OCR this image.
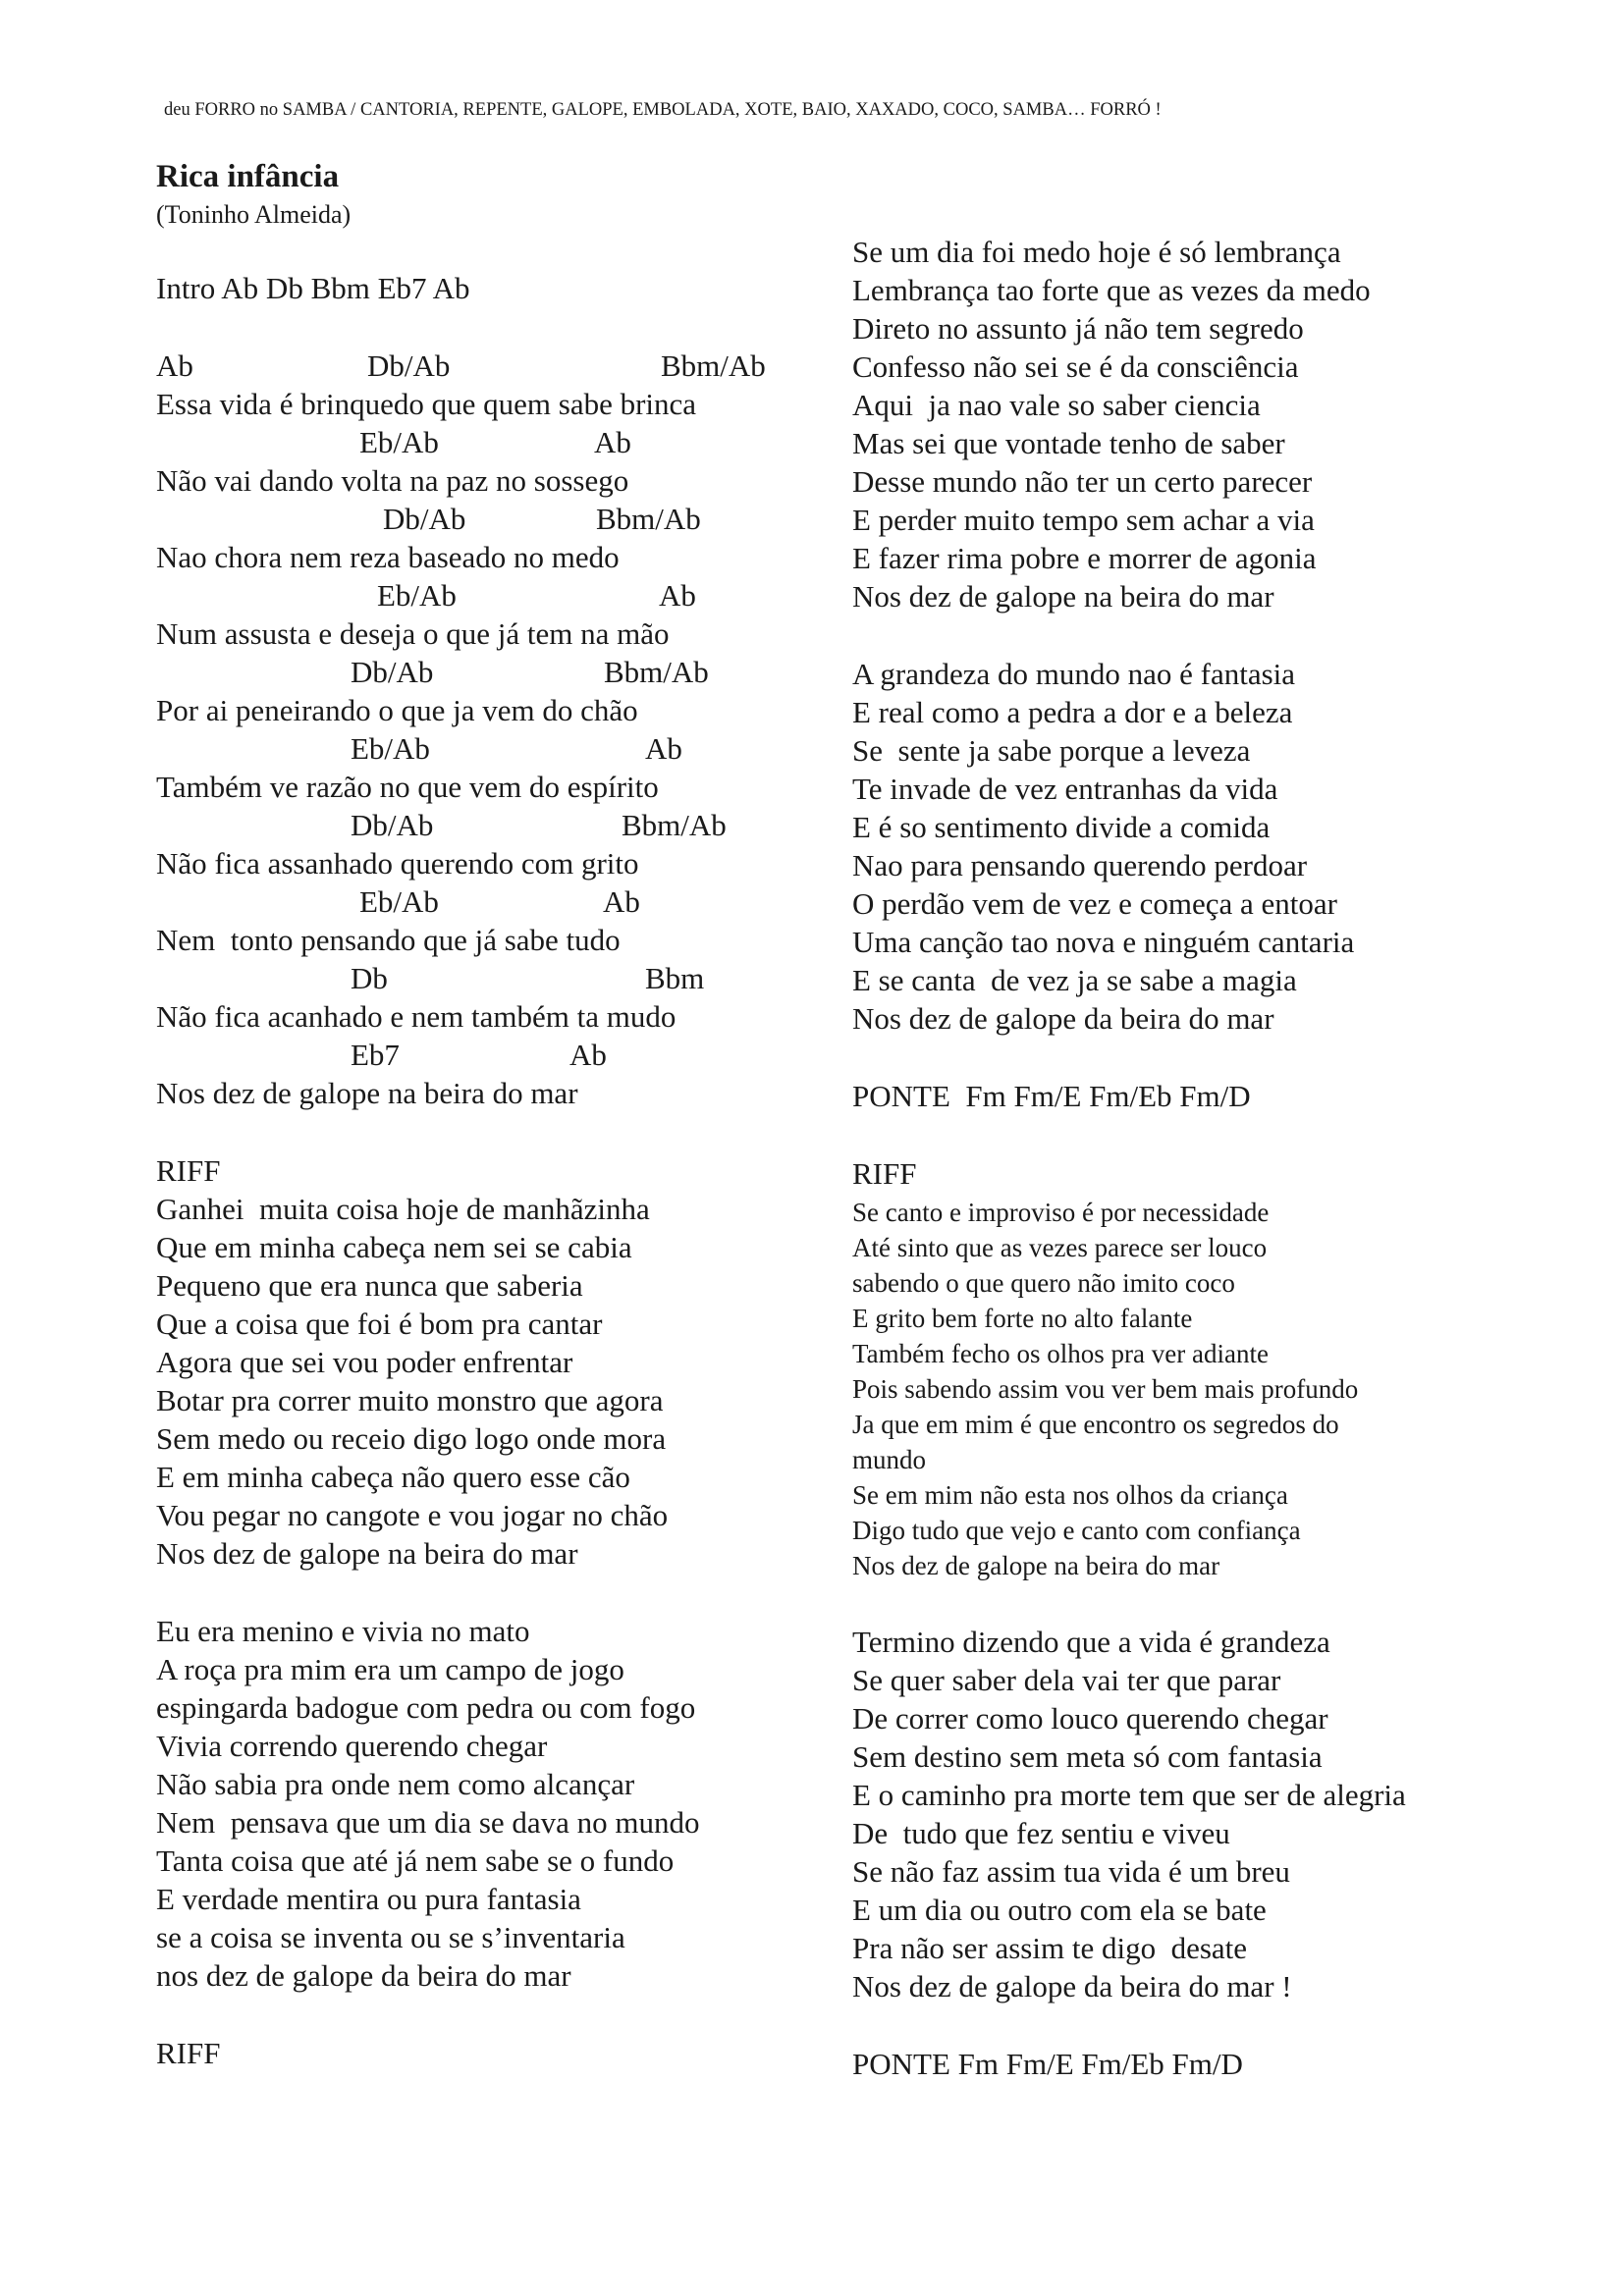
deu FORRO no SAMBA / CANTORIA, REPENTE, GALOPE, EMBOLADA, XOTE, BAIO, XAXADO, COCO, SAMBA… FORRÓ !
Rica infância
(Toninho Almeida)
Intro Ab Db Bbm Eb7 Ab
Ab	Db/Ab	Bbm/Ab
Essa vida é brinquedo que quem sabe brinca
Eb/Ab	Ab
Não vai dando volta na paz no sossego
Db/Ab	Bbm/Ab
Nao chora nem reza baseado no medo
Eb/Ab	Ab
Num assusta e deseja o que já tem na mão
Db/Ab	Bbm/Ab
Por ai peneirando o que ja vem do chão
Eb/Ab	Ab
Também ve razão no que vem do espírito
Db/Ab	Bbm/Ab
Não fica assanhado querendo com grito
Eb/Ab	Ab
Nem  tonto pensando que já sabe tudo
Db	Bbm
Não fica acanhado e nem também ta mudo
Eb7	Ab
Nos dez de galope na beira do mar
RIFF
Ganhei  muita coisa hoje de manhãzinha
Que em minha cabeça nem sei se cabia
Pequeno que era nunca que saberia
Que a coisa que foi é bom pra cantar
Agora que sei vou poder enfrentar
Botar pra correr muito monstro que agora
Sem medo ou receio digo logo onde mora
E em minha cabeça não quero esse cão
Vou pegar no cangote e vou jogar no chão
Nos dez de galope na beira do mar
Eu era menino e vivia no mato
A roça pra mim era um campo de jogo
espingarda badogue com pedra ou com fogo
Vivia correndo querendo chegar
Não sabia pra onde nem como alcançar
Nem  pensava que um dia se dava no mundo
Tanta coisa que até já nem sabe se o fundo
E verdade mentira ou pura fantasia
se a coisa se inventa ou se s’inventaria
nos dez de galope da beira do mar
RIFF
Se um dia foi medo hoje é só lembrança
Lembrança tao forte que as vezes da medo
Direto no assunto já não tem segredo
Confesso não sei se é da consciência
Aqui  ja nao vale so saber ciencia
Mas sei que vontade tenho de saber
Desse mundo não ter un certo parecer
E perder muito tempo sem achar a via
E fazer rima pobre e morrer de agonia
Nos dez de galope na beira do mar
A grandeza do mundo nao é fantasia
E real como a pedra a dor e a beleza
Se  sente ja sabe porque a leveza
Te invade de vez entranhas da vida
E é so sentimento divide a comida
Nao para pensando querendo perdoar
O perdão vem de vez e começa a entoar
Uma canção tao nova e ninguém cantaria
E se canta  de vez ja se sabe a magia
Nos dez de galope da beira do mar
PONTE  Fm Fm/E Fm/Eb Fm/D
RIFF
Se canto e improviso é por necessidade
Até sinto que as vezes parece ser louco
sabendo o que quero não imito coco
E grito bem forte no alto falante
Também fecho os olhos pra ver adiante
Pois sabendo assim vou ver bem mais profundo
Ja que em mim é que encontro os segredos do
mundo
Se em mim não esta nos olhos da criança
Digo tudo que vejo e canto com confiança
Nos dez de galope na beira do mar
Termino dizendo que a vida é grandeza
Se quer saber dela vai ter que parar
De correr como louco querendo chegar
Sem destino sem meta só com fantasia
E o caminho pra morte tem que ser de alegria
De  tudo que fez sentiu e viveu
Se não faz assim tua vida é um breu
E um dia ou outro com ela se bate
Pra não ser assim te digo  desate
Nos dez de galope da beira do mar !
PONTE Fm Fm/E Fm/Eb Fm/D
